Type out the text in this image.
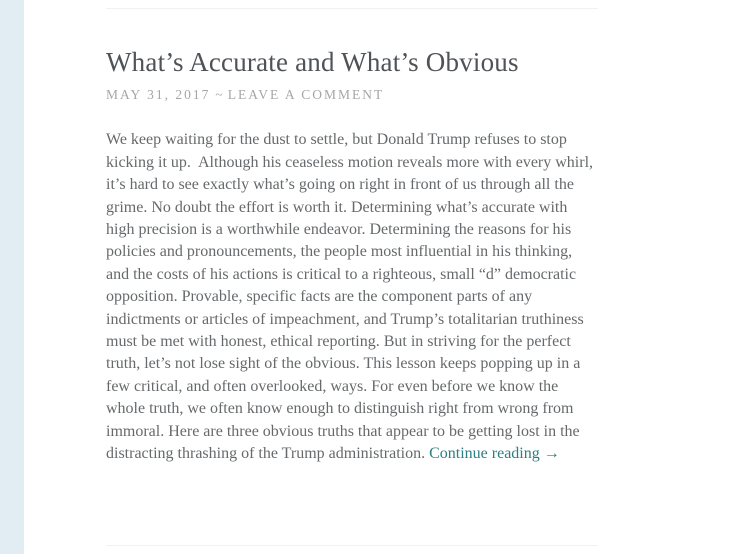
What’s Accurate and What’s Obvious
MAY 31, 2017 ~ LEAVE A COMMENT

We keep waiting for the dust to settle, but Donald Trump refuses to stop kicking it up.  Although his ceaseless motion reveals more with every whirl, it’s hard to see exactly what’s going on right in front of us through all the grime. No doubt the effort is worth it. Determining what’s accurate with high precision is a worthwhile endeavor. Determining the reasons for his policies and pronouncements, the people most influential in his thinking, and the costs of his actions is critical to a righteous, small “d” democratic opposition. Provable, specific facts are the component parts of any indictments or articles of impeachment, and Trump’s totalitarian truthiness must be met with honest, ethical reporting. But in striving for the perfect truth, let’s not lose sight of the obvious. This lesson keeps popping up in a few critical, and often overlooked, ways. For even before we know the whole truth, we often know enough to distinguish right from wrong from immoral. Here are three obvious truths that appear to be getting lost in the distracting thrashing of the Trump administration. Continue reading →
